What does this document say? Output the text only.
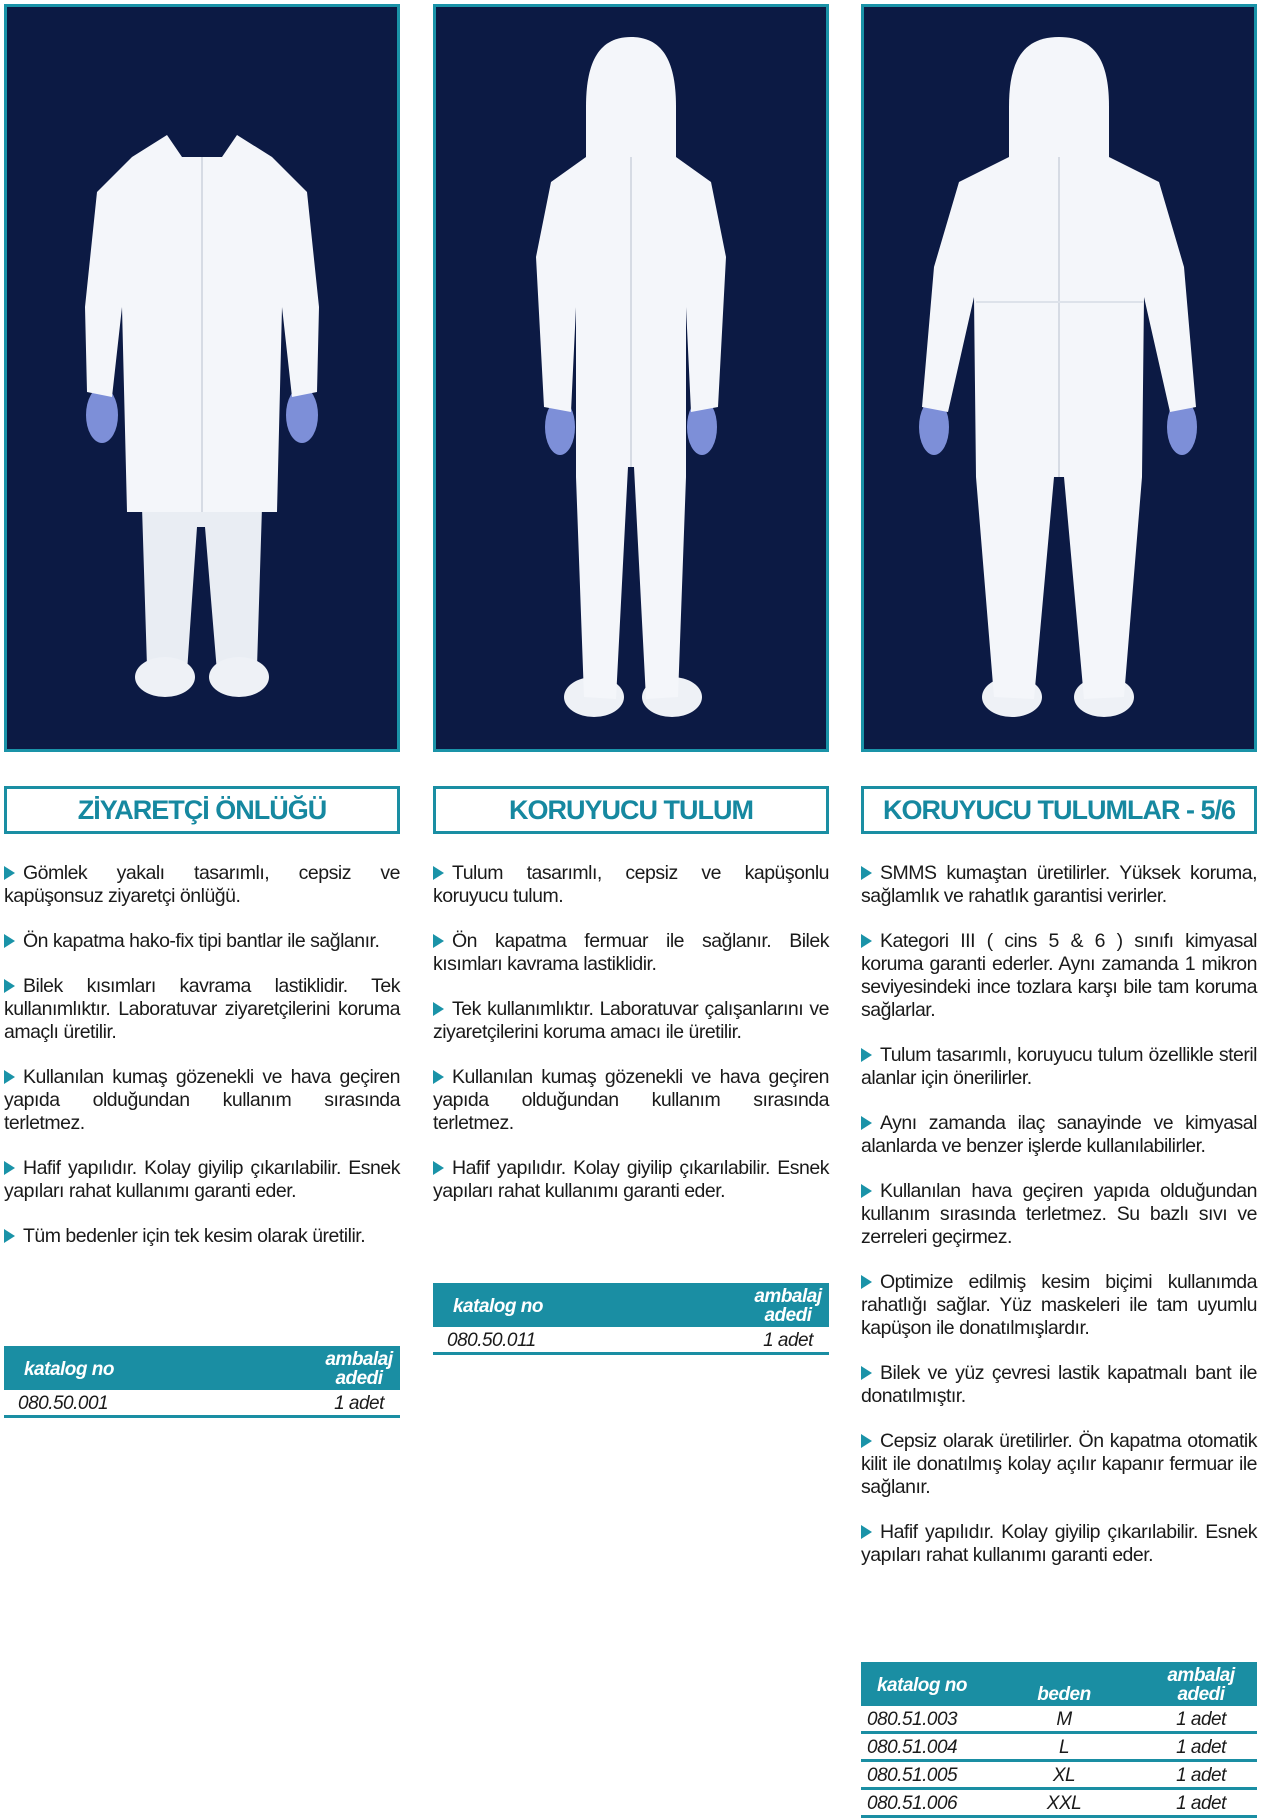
ZİYARETÇİ ÖNLÜĞÜ

Gömlek yakalı tasarımlı, cepsiz ve kapüşonsuz ziyaretçi önlüğü.

Ön kapatma hako-fix tipi bantlar ile sağlanır.

Bilek kısımları kavrama lastiklidir. Tek kullanımlıktır. Laboratuvar ziyaretçilerini koruma amaçlı üretilir.

Kullanılan kumaş gözenekli ve hava geçiren yapıda olduğundan kullanım sırasında terletmez.

Hafif yapılıdır. Kolay giyilip çıkarılabilir. Esnek yapıları rahat kullanımı garanti eder.

Tüm bedenler için tek kesim olarak üretilir.

katalog no	ambalaj adedi
080.50.001	1 adet
KORUYUCU TULUM

Tulum tasarımlı, cepsiz ve kapüşonlu koruyucu tulum.

Ön kapatma fermuar ile sağlanır. Bilek kısımları kavrama lastiklidir.

Tek kullanımlıktır. Laboratuvar çalışanlarını ve ziyaretçilerini koruma amacı ile üretilir.

Kullanılan kumaş gözenekli ve hava geçiren yapıda olduğundan kullanım sırasında terletmez.

Hafif yapılıdır. Kolay giyilip çıkarılabilir. Esnek yapıları rahat kullanımı garanti eder.

katalog no	ambalaj adedi
080.50.011	1 adet
KORUYUCU TULUMLAR - 5/6

SMMS kumaştan üretilirler. Yüksek koruma, sağlamlık ve rahatlık garantisi verirler.

Kategori III ( cins 5 & 6 ) sınıfı kimyasal koruma garanti ederler. Aynı zamanda 1 mikron seviyesindeki ince tozlara karşı bile tam koruma sağlarlar.

Tulum tasarımlı, koruyucu tulum özellikle steril alanlar için önerilirler.

Aynı zamanda ilaç sanayinde ve kimyasal alanlarda ve benzer işlerde kullanılabilirler.

Kullanılan hava geçiren yapıda olduğundan kullanım sırasında terletmez. Su bazlı sıvı ve zerreleri geçirmez.

Optimize edilmiş kesim biçimi kullanımda rahatlığı sağlar. Yüz maskeleri ile tam uyumlu kapüşon ile donatılmışlardır.

Bilek ve yüz çevresi lastik kapatmalı bant ile donatılmıştır.

Cepsiz olarak üretilirler. Ön kapatma otomatik kilit ile donatılmış kolay açılır kapanır fermuar ile sağlanır.

Hafif yapılıdır. Kolay giyilip çıkarılabilir. Esnek yapıları rahat kullanımı garanti eder.

katalog no	beden	ambalaj adedi
080.51.003	M	1 adet
080.51.004	L	1 adet
080.51.005	XL	1 adet
080.51.006	XXL	1 adet
